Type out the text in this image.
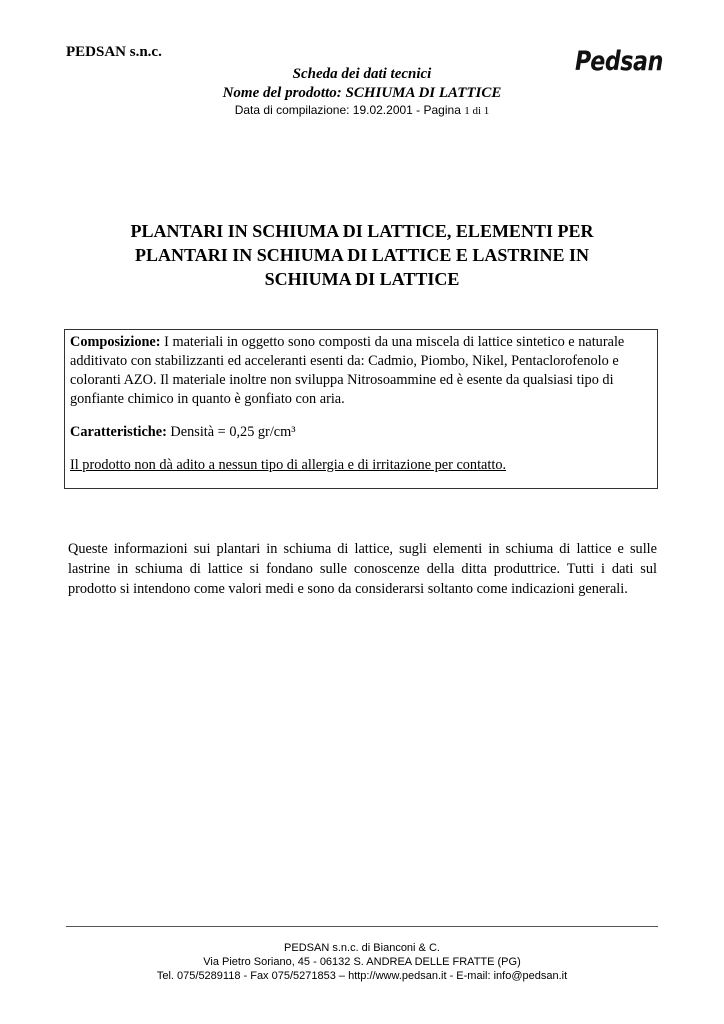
PEDSAN s.n.c.	Pedsan
Scheda dei dati tecnici
Nome del prodotto: SCHIUMA DI LATTICE
Data di compilazione: 19.02.2001 - Pagina 1 di 1
PLANTARI IN SCHIUMA DI LATTICE, ELEMENTI PER
PLANTARI IN SCHIUMA DI LATTICE E LASTRINE IN
SCHIUMA DI LATTICE

Composizione: I materiali in oggetto sono composti da una miscela di lattice sintetico e naturale additivato con stabilizzanti ed acceleranti esenti da: Cadmio, Piombo, Nikel, Pentaclorofenolo e coloranti AZO. Il materiale inoltre non sviluppa Nitrosoammine ed è esente da qualsiasi tipo di gonfiante chimico in quanto è gonfiato con aria.

Caratteristiche: Densità = 0,25 gr/cm³

Il prodotto non dà adito a nessun tipo di allergia e di irritazione per contatto.

Queste informazioni sui plantari in schiuma di lattice, sugli elementi in schiuma di lattice e sulle lastrine in schiuma di lattice si fondano sulle conoscenze della ditta produttrice. Tutti i dati sul prodotto si intendono come valori medi e sono da considerarsi soltanto come indicazioni generali.
PEDSAN s.n.c. di Bianconi & C.
Via Pietro Soriano, 45 - 06132 S. ANDREA DELLE FRATTE (PG)
Tel. 075/5289118 - Fax 075/5271853 – http://www.pedsan.it - E-mail: info@pedsan.it
